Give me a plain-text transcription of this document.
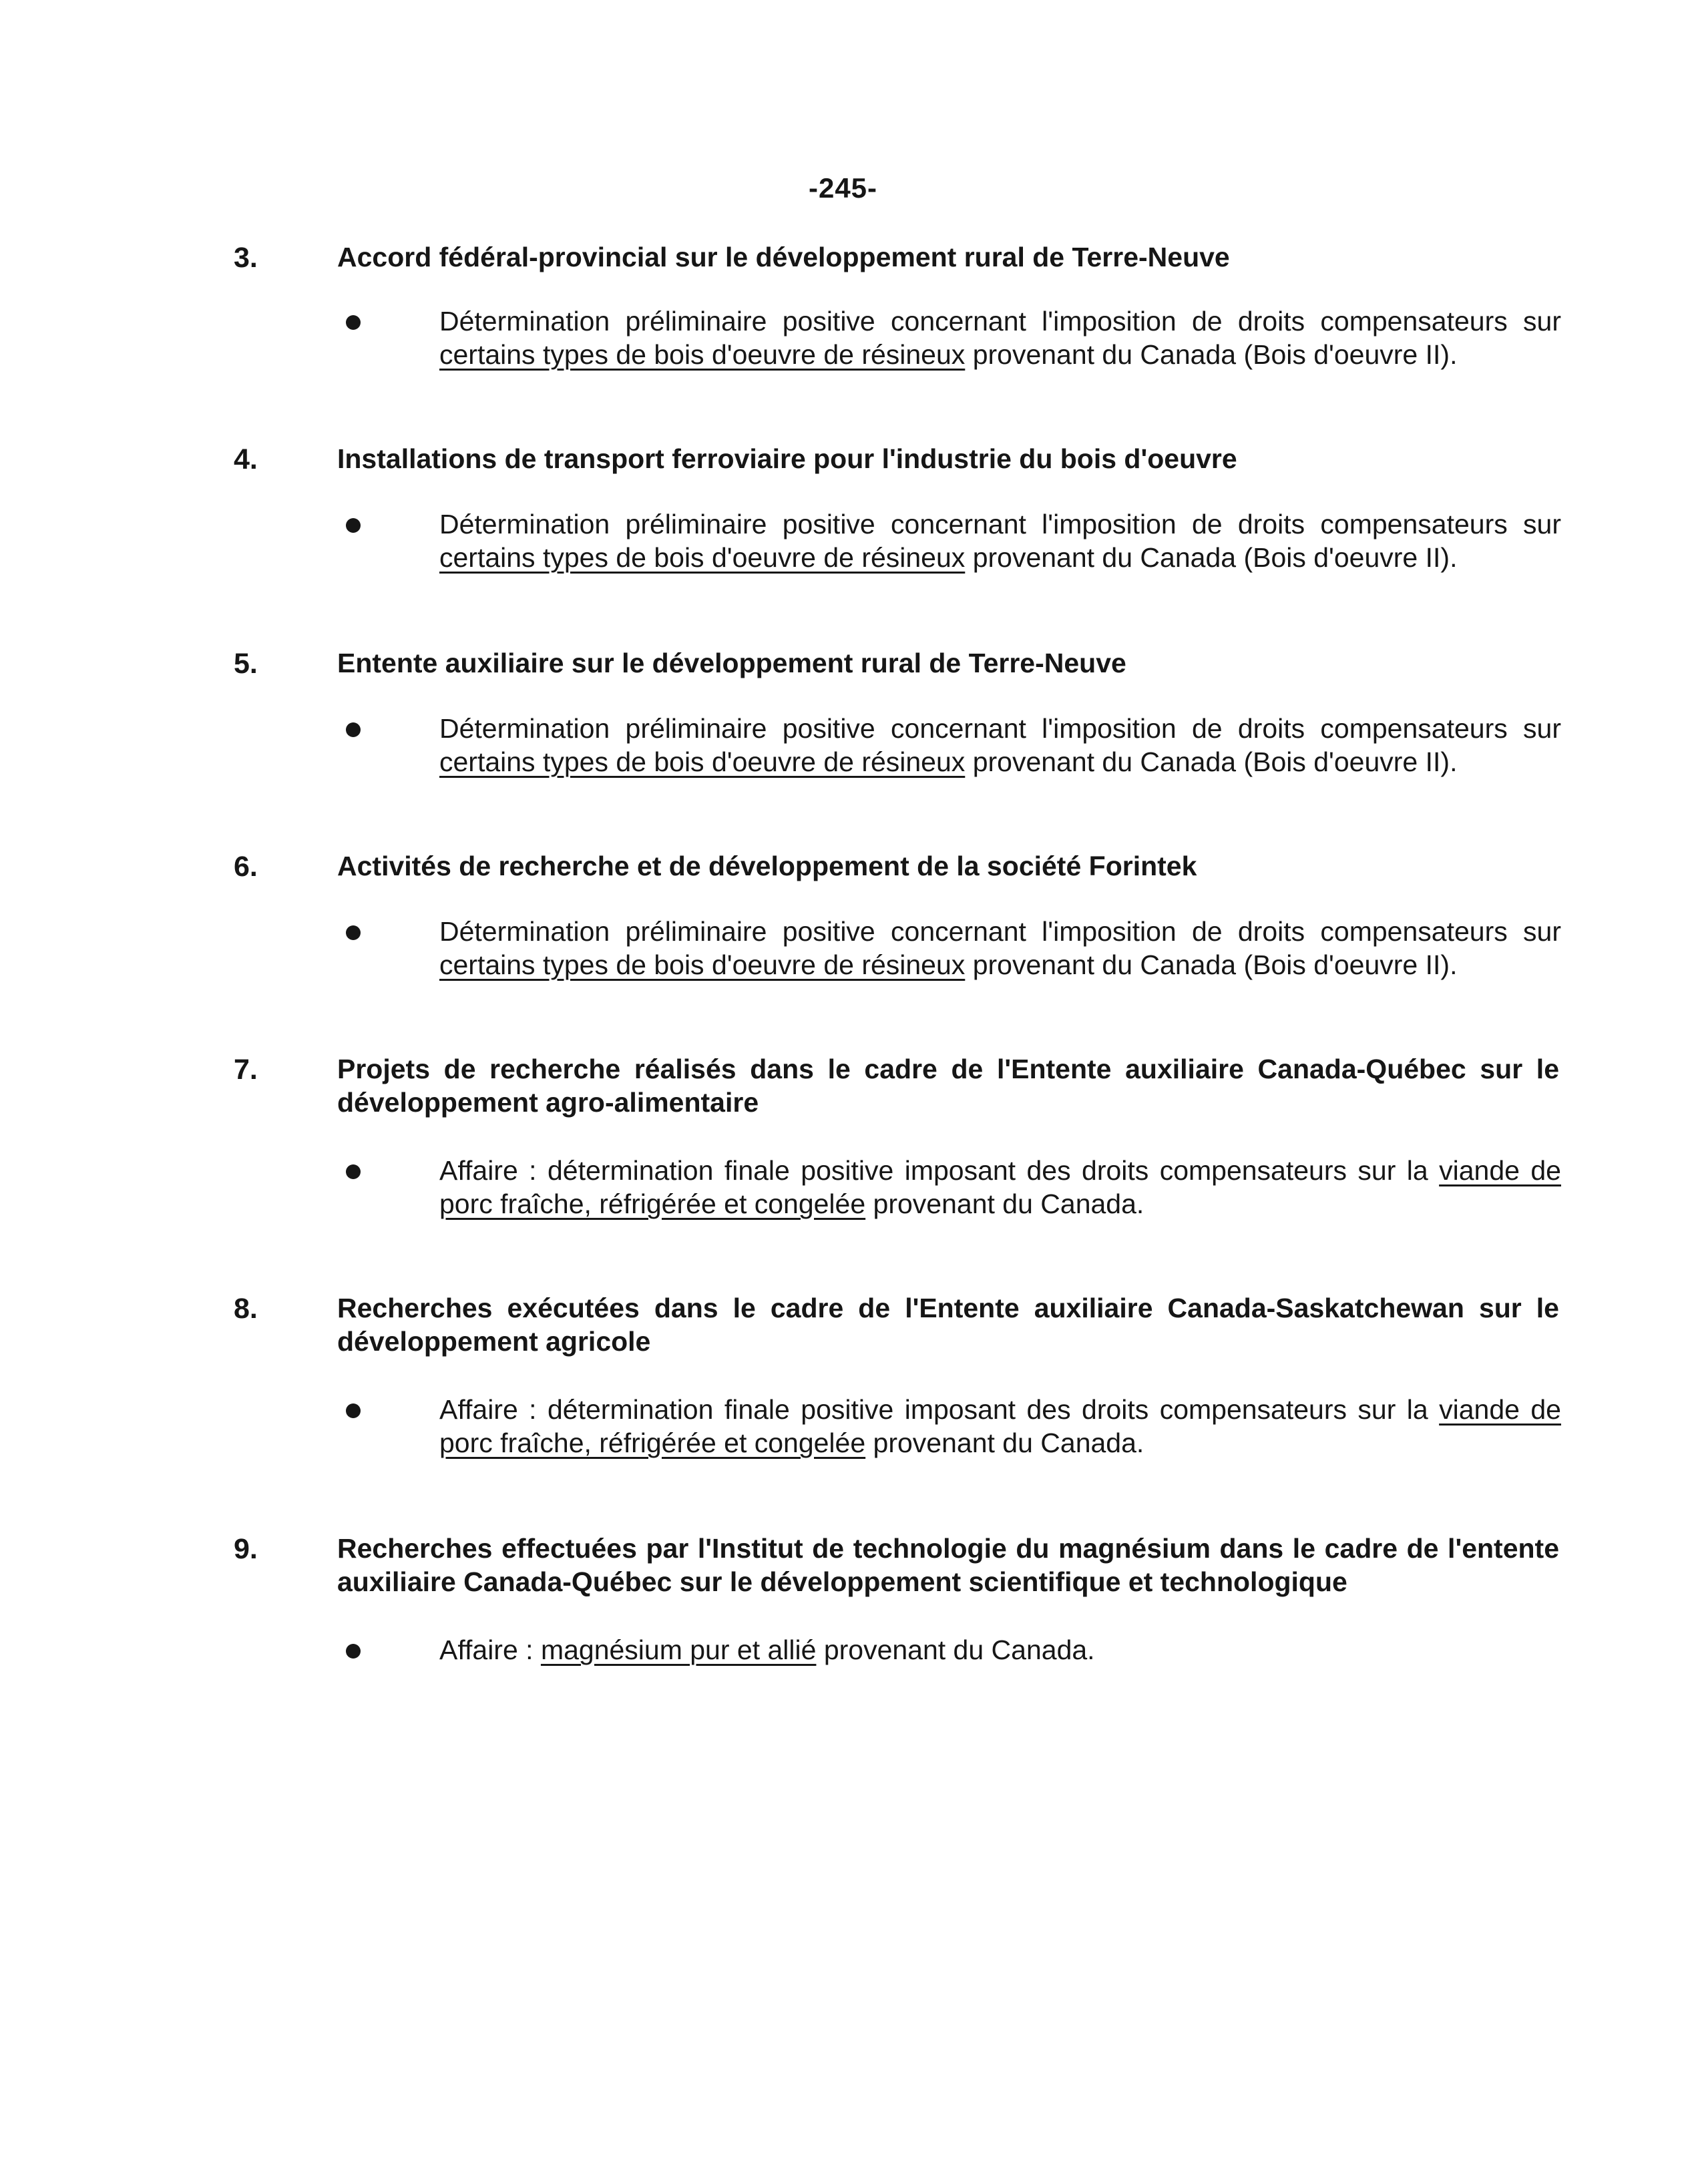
-245-
3.	Accord fédéral-provincial sur le développement rural de Terre-Neuve
Détermination préliminaire positive concernant l'imposition de droits compensateurs sur certains types de bois d'oeuvre de résineux provenant du Canada (Bois d'oeuvre II).
4.	Installations de transport ferroviaire pour l'industrie du bois d'oeuvre
Détermination préliminaire positive concernant l'imposition de droits compensateurs sur certains types de bois d'oeuvre de résineux provenant du Canada (Bois d'oeuvre II).
5.	Entente auxiliaire sur le développement rural de Terre-Neuve
Détermination préliminaire positive concernant l'imposition de droits compensateurs sur certains types de bois d'oeuvre de résineux provenant du Canada (Bois d'oeuvre II).
6.	Activités de recherche et de développement de la société Forintek
Détermination préliminaire positive concernant l'imposition de droits compensateurs sur certains types de bois d'oeuvre de résineux provenant du Canada (Bois d'oeuvre II).
7.	Projets de recherche réalisés dans le cadre de l'Entente auxiliaire Canada-Québec sur le développement agro-alimentaire
Affaire : détermination finale positive imposant des droits compensateurs sur la viande de porc fraîche, réfrigérée et congelée provenant du Canada.
8.	Recherches exécutées dans le cadre de l'Entente auxiliaire Canada-Saskatchewan sur le développement agricole
Affaire : détermination finale positive imposant des droits compensateurs sur la viande de porc fraîche, réfrigérée et congelée provenant du Canada.
9.	Recherches effectuées par l'Institut de technologie du magnésium dans le cadre de l'entente auxiliaire Canada-Québec sur le développement scientifique et technologique
Affaire : magnésium pur et allié provenant du Canada.
